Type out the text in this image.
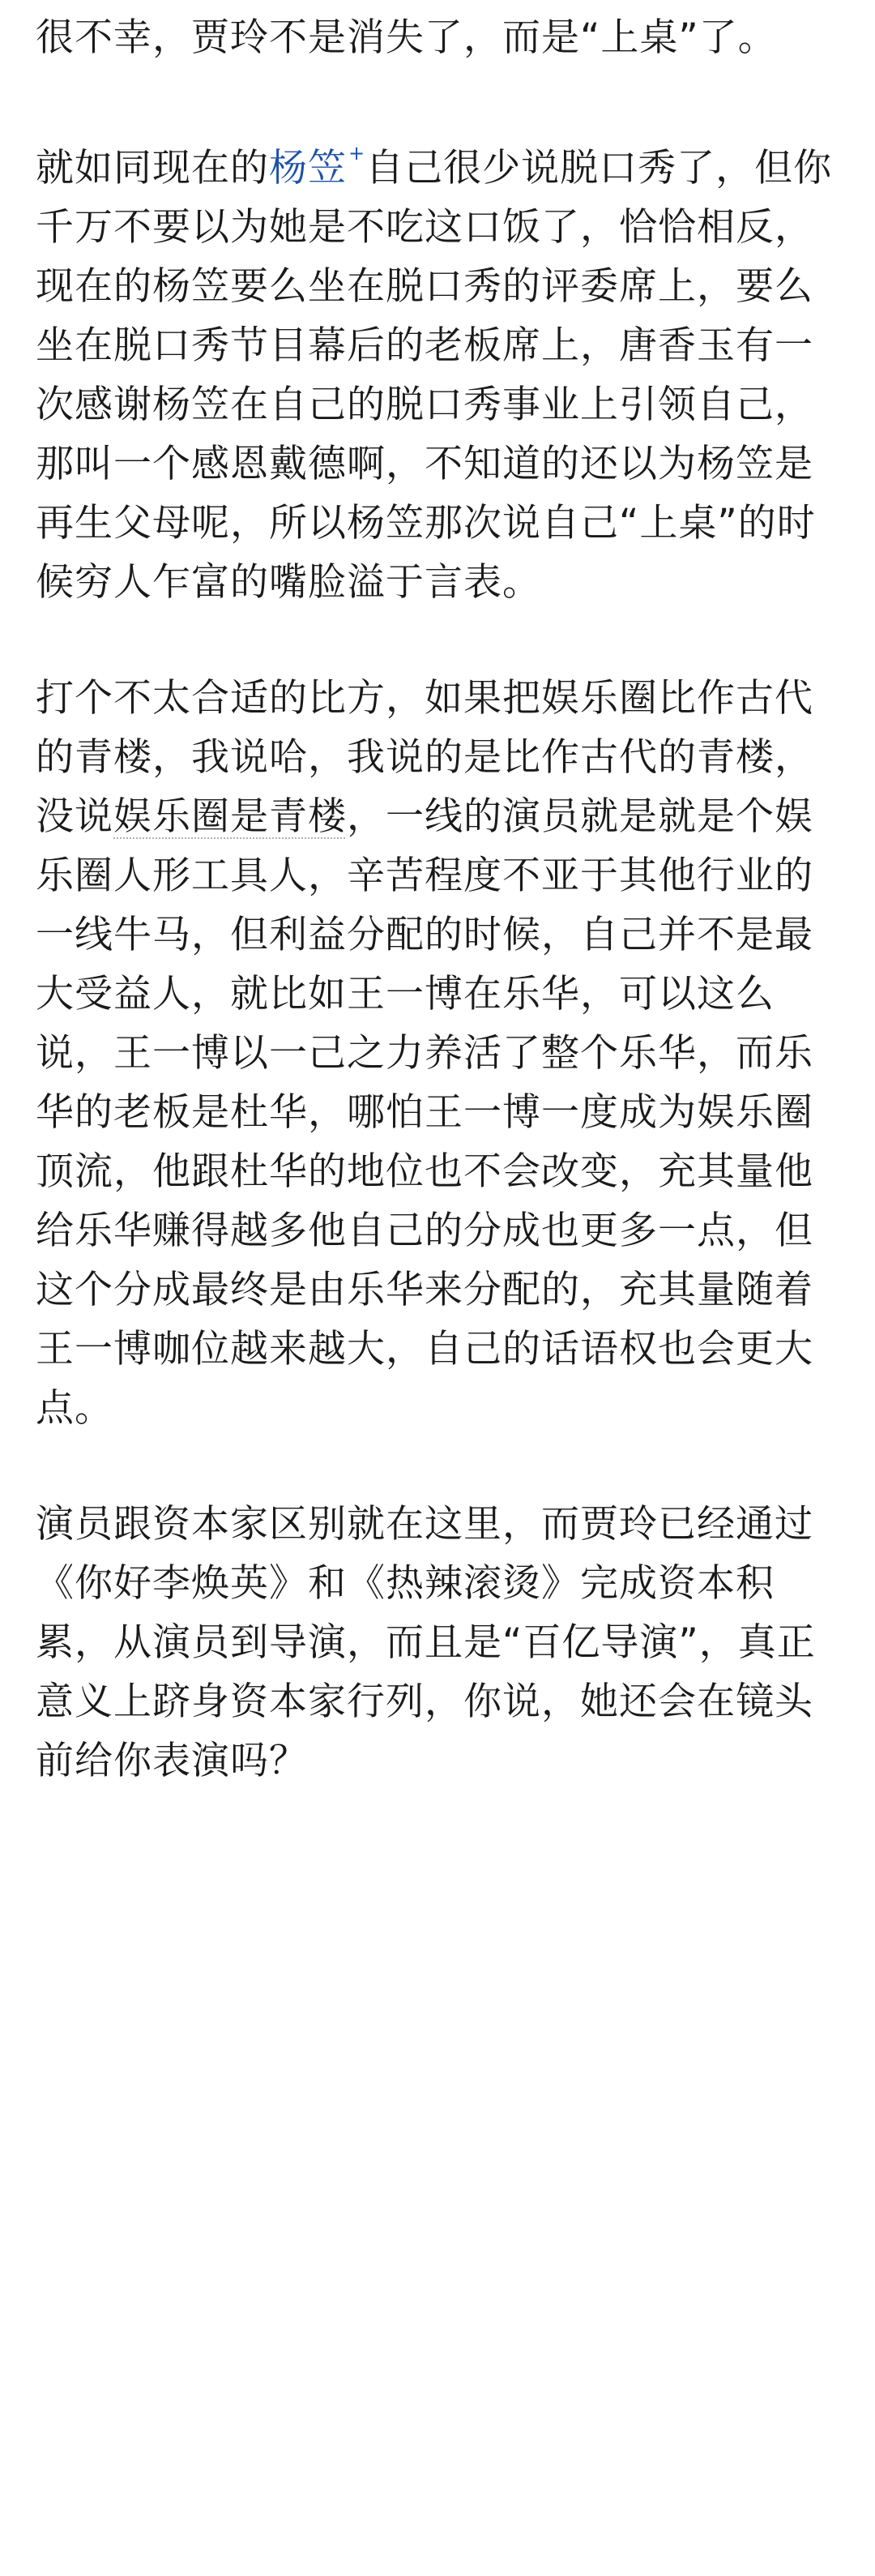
很不幸，贾玲不是消失了，而是“上桌”了。

就如同现在的杨笠+自己很少说脱口秀了，但你千万不要以为她是不吃这口饭了，恰恰相反，现在的杨笠要么坐在脱口秀的评委席上，要么坐在脱口秀节目幕后的老板席上，唐香玉有一次感谢杨笠在自己的脱口秀事业上引领自己，那叫一个感恩戴德啊，不知道的还以为杨笠是再生父母呢，所以杨笠那次说自己“上桌”的时候穷人乍富的嘴脸溢于言表。

打个不太合适的比方，如果把娱乐圈比作古代的青楼，我说哈，我说的是比作古代的青楼，没说娱乐圈是青楼，一线的演员就是就是个娱乐圈人形工具人，辛苦程度不亚于其他行业的一线牛马，但利益分配的时候，自己并不是最大受益人，就比如王一博在乐华，可以这么说，王一博以一己之力养活了整个乐华，而乐华的老板是杜华，哪怕王一博一度成为娱乐圈顶流，他跟杜华的地位也不会改变，充其量他给乐华赚得越多他自己的分成也更多一点，但这个分成最终是由乐华来分配的，充其量随着王一博咖位越来越大，自己的话语权也会更大点。

演员跟资本家区别就在这里，而贾玲已经通过《你好李焕英》和《热辣滚烫》完成资本积累，从演员到导演，而且是“百亿导演”，真正意义上跻身资本家行列，你说，她还会在镜头前给你表演吗？
